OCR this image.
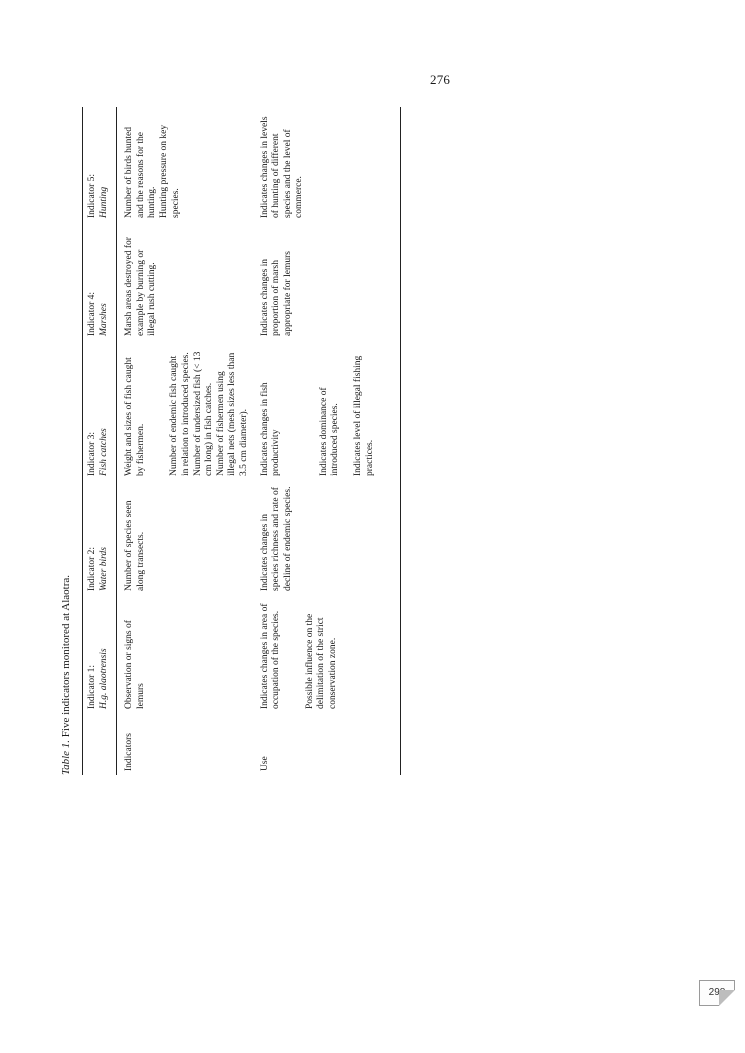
276
Table 1. Five indicators monitored at Alaotra.

	Indicator 1: H.g. alaotrensis	Indicator 2: Water birds	Indicator 3: Fish catches	Indicator 4: Marshes	Indicator 5: Hunting

Indicators	Observation or signs of lemurs	Number of species seen along transects.	Weight and sizes of fish caught by fishermen. Number of endemic fish caught in relation to introduced species. Number of undersized fish (< 13 cm long) in fish catches. Number of fishermen using illegal nets (mesh sizes less than 3.5 cm diameter).	Marsh areas destroyed for example by burning or illegal rush cutting.	Number of birds hunted and the reasons for the hunting. Hunting pressure on key species.

Use	Indicates changes in area of occupation of the species. Possible influence on the delimitation of the strict conservation zone.	Indicates changes in species richness and rate of decline of endemic species.	Indicates changes in fish productivity Indicates dominance of introduced species. Indicates level of illegal fishing practices.	Indicates changes in proportion of marsh appropriate for lemurs	Indicates changes in levels of hunting of different species and the level of commerce.
298
